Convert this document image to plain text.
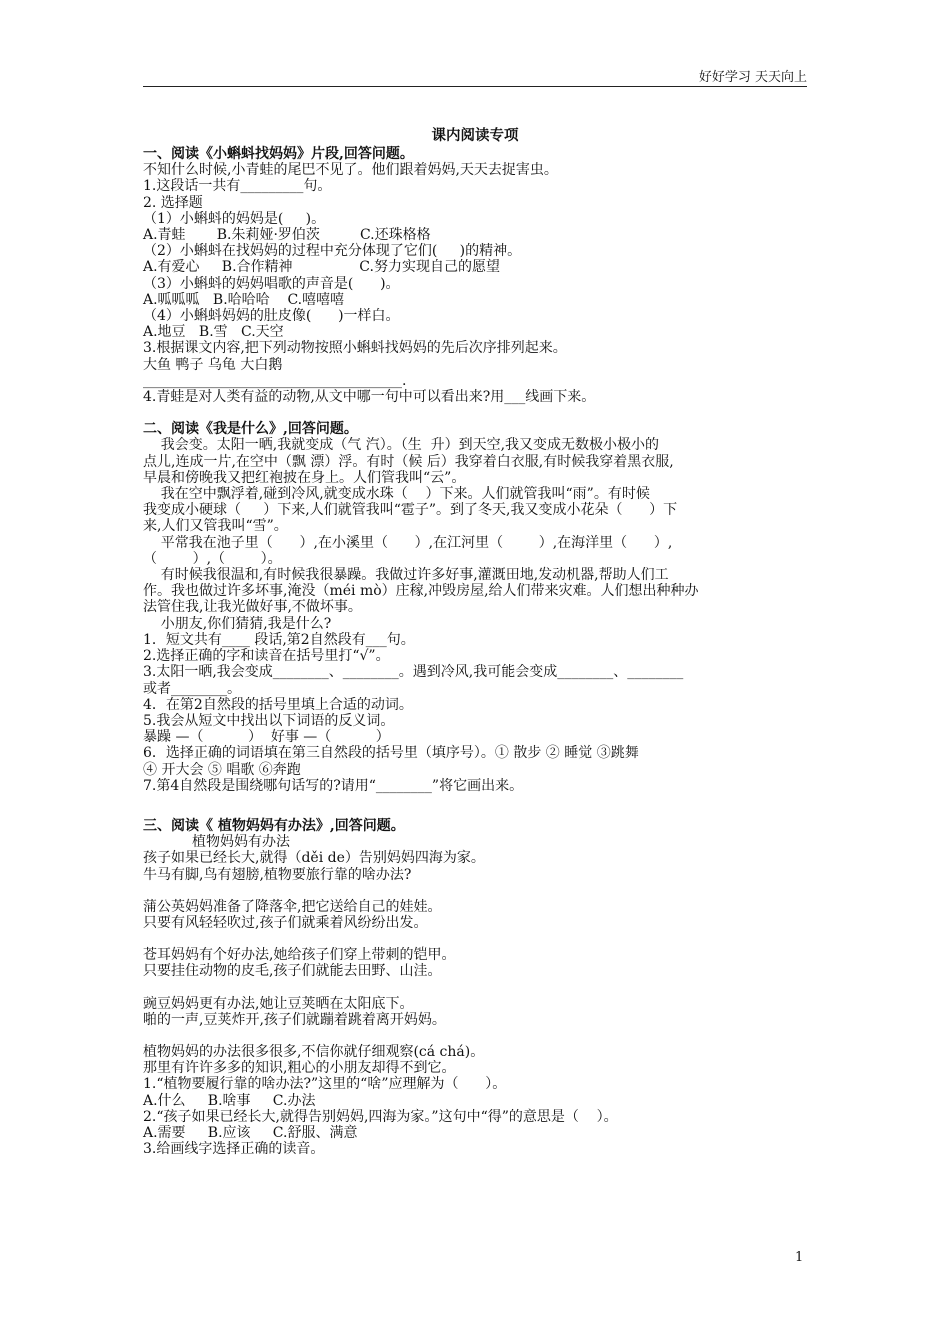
好好学习 天天向上
课内阅读专项
一、阅读《小蝌蚪找妈妈》片段,回答问题。
不知什么时候,小青蛙的尾巴不见了。他们跟着妈妈,天天去捉害虫。
1.这段话一共有_________句。
2. 选择题
（1）小蝌蚪的妈妈是(     )。
A.青蛙       B.朱莉娅·罗伯茨         C.还珠格格
（2）小蝌蚪在找妈妈的过程中充分体现了它们(     )的精神。
A.有爱心     B.合作精神               C.努力实现自己的愿望
（3）小蝌蚪的妈妈唱歌的声音是(      )。
A.呱呱呱   B.哈哈哈    C.嘻嘻嘻
（4）小蝌蚪妈妈的肚皮像(      )一样白。
A.地豆   B.雪   C.天空
3.根据课文内容,把下列动物按照小蝌蚪找妈妈的先后次序排列起来。
大鱼 鸭子 乌龟 大白鹅
_____________________________________.
4.青蛙是对人类有益的动物,从文中哪一句中可以看出来?用___线画下来。
二、阅读《我是什么》,回答问题。
我会变。太阳一晒,我就变成（气 汽）。（生  升）到天空,我又变成无数极小极小的
点儿,连成一片,在空中（飘 漂）浮。有时（候 后）我穿着白衣服,有时候我穿着黑衣服,
早晨和傍晚我又把红袍披在身上。人们管我叫“云”。
我在空中飘浮着,碰到冷风,就变成水珠（    ）下来。人们就管我叫“雨”。有时候
我变成小硬球（     ）下来,人们就管我叫“雹子”。到了冬天,我又变成小花朵（      ）下
来,人们又管我叫“雪”。
平常我在池子里（      ）,在小溪里（      ）,在江河里（        ）,在海洋里（      ）,
（        ）,（        ）。
有时候我很温和,有时候我很暴躁。我做过许多好事,灌溉田地,发动机器,帮助人们工
作。我也做过许多坏事,淹没（méi mò）庄稼,冲毁房屋,给人们带来灾难。人们想出种种办
法管住我,让我光做好事,不做坏事。
小朋友,你们猜猜,我是什么?
1．短文共有____ 段话,第2自然段有___句。
2.选择正确的字和读音在括号里打“√”。
3.太阳一晒,我会变成________、________。遇到冷风,我可能会变成________、________
或者________。
4．在第2自然段的括号里填上合适的动词。
5.我会从短文中找出以下词语的反义词。
暴躁 —（          ）  好事 —（          ）
6．选择正确的词语填在第三自然段的括号里（填序号）。① 散步 ② 睡觉 ③跳舞
④ 开大会 ⑤ 唱歌 ⑥奔跑
7.第4自然段是围绕哪句话写的?请用“________”将它画出来。
三、阅读《 植物妈妈有办法》,回答问题。
植物妈妈有办法
孩子如果已经长大,就得（děi de）告别妈妈四海为家。
牛马有脚,鸟有翅膀,植物要旅行靠的啥办法?
蒲公英妈妈准备了降落伞,把它送给自己的娃娃。
只要有风轻轻吹过,孩子们就乘着风纷纷出发。
苍耳妈妈有个好办法,她给孩子们穿上带刺的铠甲。
只要挂住动物的皮毛,孩子们就能去田野、山洼。
豌豆妈妈更有办法,她让豆荚晒在太阳底下。
啪的一声,豆荚炸开,孩子们就蹦着跳着离开妈妈。
植物妈妈的办法很多很多,不信你就仔细观察(cá chá)。
那里有许许多多的知识,粗心的小朋友却得不到它。
1.“植物要履行靠的啥办法?”这里的“啥”应理解为（      ）。
A.什么     B.啥事     C.办法
2.“孩子如果已经长大,就得告别妈妈,四海为家。”这句中“得”的意思是（    ）。
A.需要     B.应该     C.舒服、满意
3.给画线字选择正确的读音。
1
